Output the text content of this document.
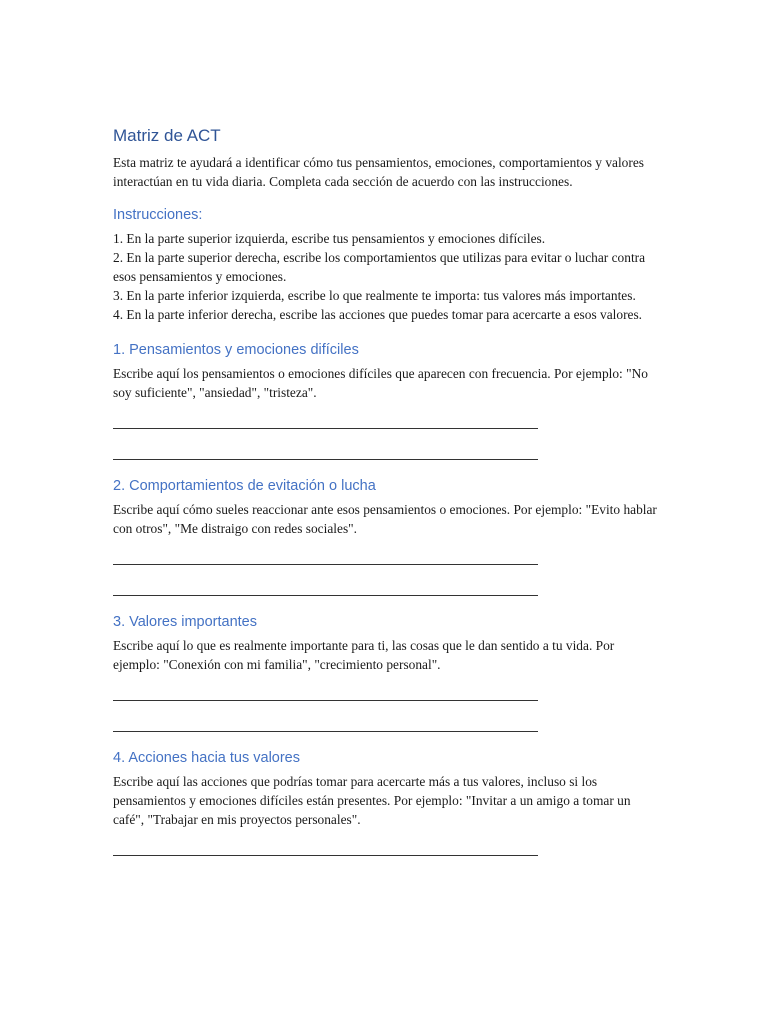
Matriz de ACT

Esta matriz te ayudará a identificar cómo tus pensamientos, emociones, comportamientos y valores interactúan en tu vida diaria. Completa cada sección de acuerdo con las instrucciones.

Instrucciones:
1. En la parte superior izquierda, escribe tus pensamientos y emociones difíciles.
2. En la parte superior derecha, escribe los comportamientos que utilizas para evitar o luchar contra esos pensamientos y emociones.
3. En la parte inferior izquierda, escribe lo que realmente te importa: tus valores más importantes.
4. En la parte inferior derecha, escribe las acciones que puedes tomar para acercarte a esos valores.
1. Pensamientos y emociones difíciles

Escribe aquí los pensamientos o emociones difíciles que aparecen con frecuencia. Por ejemplo: "No soy suficiente", "ansiedad", "tristeza".

2. Comportamientos de evitación o lucha

Escribe aquí cómo sueles reaccionar ante esos pensamientos o emociones. Por ejemplo: "Evito hablar con otros", "Me distraigo con redes sociales".

3. Valores importantes

Escribe aquí lo que es realmente importante para ti, las cosas que le dan sentido a tu vida. Por ejemplo: "Conexión con mi familia", "crecimiento personal".

4. Acciones hacia tus valores

Escribe aquí las acciones que podrías tomar para acercarte más a tus valores, incluso si los pensamientos y emociones difíciles están presentes. Por ejemplo: "Invitar a un amigo a tomar un café", "Trabajar en mis proyectos personales".
